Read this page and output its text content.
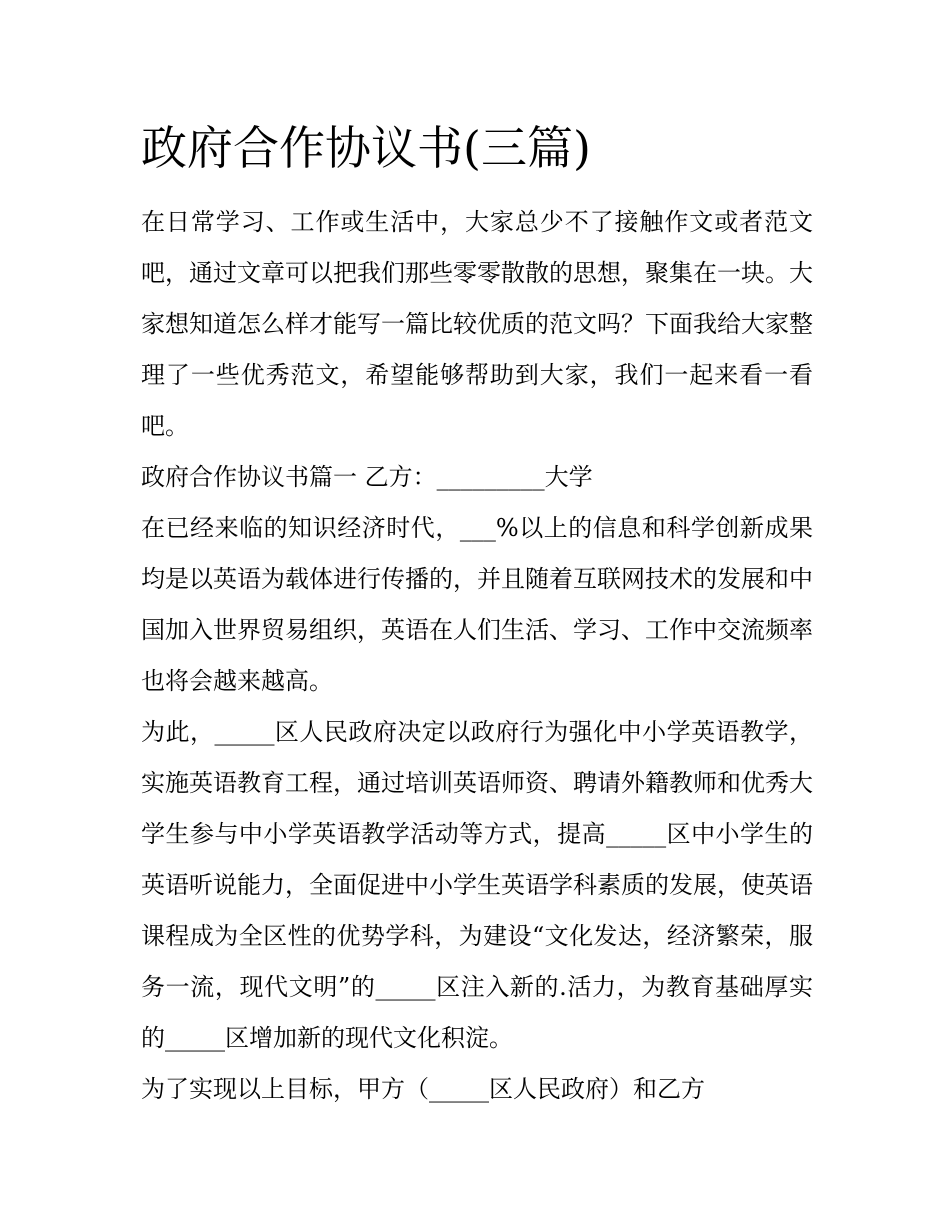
政府合作协议书(三篇)

在日常学习、工作或生活中，大家总少不了接触作文或者范文吧，通过文章可以把我们那些零零散散的思想，聚集在一块。大家想知道怎么样才能写一篇比较优质的范文吗？下面我给大家整理了一些优秀范文，希望能够帮助到大家，我们一起来看一看吧。

政府合作协议书篇一 乙方：_________大学

在已经来临的知识经济时代，___%以上的信息和科学创新成果均是以英语为载体进行传播的，并且随着互联网技术的发展和中国加入世界贸易组织，英语在人们生活、学习、工作中交流频率也将会越来越高。

为此，_____区人民政府决定以政府行为强化中小学英语教学，实施英语教育工程，通过培训英语师资、聘请外籍教师和优秀大学生参与中小学英语教学活动等方式，提高_____区中小学生的英语听说能力，全面促进中小学生英语学科素质的发展，使英语课程成为全区性的优势学科，为建设“文化发达，经济繁荣，服务一流，现代文明”的_____区注入新的.活力，为教育基础厚实的_____区增加新的现代文化积淀。

为了实现以上目标，甲方（_____区人民政府）和乙方
